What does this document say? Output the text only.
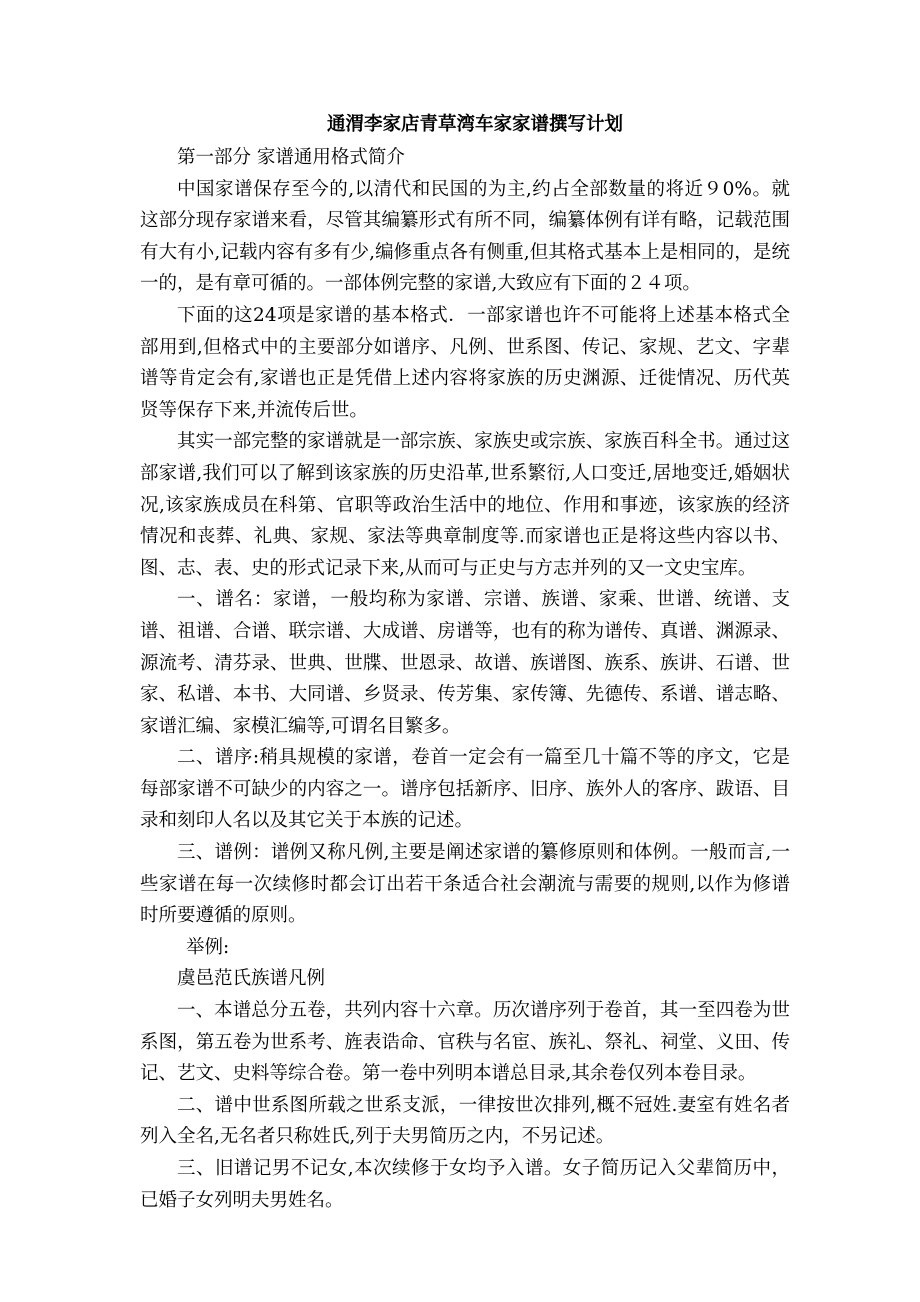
通渭李家店青草湾车家家谱撰写计划

第一部分 家谱通用格式简介

中国家谱保存至今的,以清代和民国的为主,约占全部数量的将近９0%。就这部分现存家谱来看，尽管其编纂形式有所不同，编纂体例有详有略，记载范围有大有小,记载内容有多有少,编修重点各有侧重,但其格式基本上是相同的，是统一的，是有章可循的。一部体例完整的家谱,大致应有下面的２４项。

下面的这24项是家谱的基本格式．一部家谱也许不可能将上述基本格式全部用到,但格式中的主要部分如谱序、凡例、世系图、传记、家规、艺文、字辈谱等肯定会有,家谱也正是凭借上述内容将家族的历史渊源、迁徙情况、历代英贤等保存下来,并流传后世。

其实一部完整的家谱就是一部宗族、家族史或宗族、家族百科全书。通过这部家谱,我们可以了解到该家族的历史沿革,世系繁衍,人口变迁,居地变迁,婚姻状况,该家族成员在科第、官职等政治生活中的地位、作用和事迹，该家族的经济情况和丧葬、礼典、家规、家法等典章制度等.而家谱也正是将这些内容以书、图、志、表、史的形式记录下来,从而可与正史与方志并列的又一文史宝库。

一、谱名：家谱，一般均称为家谱、宗谱、族谱、家乘、世谱、统谱、支谱、祖谱、合谱、联宗谱、大成谱、房谱等，也有的称为谱传、真谱、渊源录、源流考、清芬录、世典、世牒、世恩录、故谱、族谱图、族系、族讲、石谱、世家、私谱、本书、大同谱、乡贤录、传芳集、家传簿、先德传、系谱、谱志略、家谱汇编、家模汇编等,可谓名目繁多。

二、谱序:稍具规模的家谱，卷首一定会有一篇至几十篇不等的序文，它是每部家谱不可缺少的内容之一。谱序包括新序、旧序、族外人的客序、跋语、目录和刻印人名以及其它关于本族的记述。

三、谱例：谱例又称凡例,主要是阐述家谱的纂修原则和体例。一般而言,一些家谱在每一次续修时都会订出若干条适合社会潮流与需要的规则,以作为修谱时所要遵循的原则。

举例:

虞邑范氏族谱凡例

一、本谱总分五卷，共列内容十六章。历次谱序列于卷首，其一至四卷为世系图，第五卷为世系考、旌表诰命、官秩与名宦、族礼、祭礼、祠堂、义田、传记、艺文、史料等综合卷。第一卷中列明本谱总目录,其余卷仅列本卷目录。

二、谱中世系图所载之世系支派，一律按世次排列,概不冠姓.妻室有姓名者列入全名,无名者只称姓氏,列于夫男简历之内，不另记述。

三、旧谱记男不记女,本次续修于女均予入谱。女子简历记入父辈简历中，已婚子女列明夫男姓名。
